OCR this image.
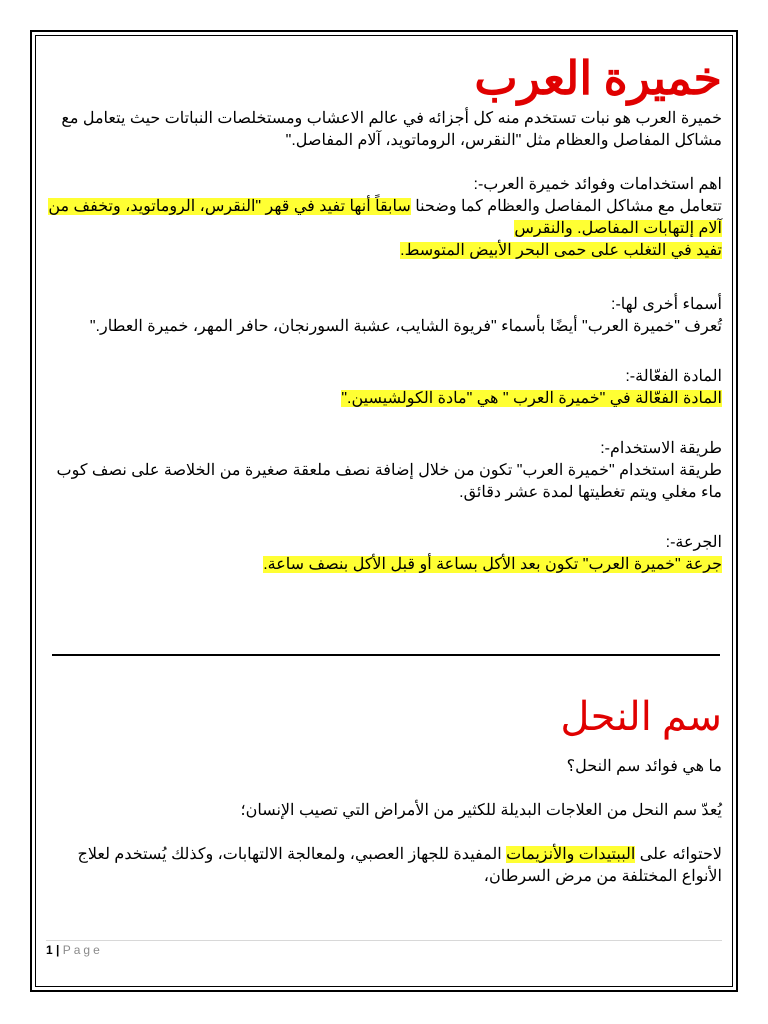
خميرة العرب

خميرة العرب هو نبات تستخدم منه كل أجزائه في عالم الاعشاب ومستخلصات النباتات حيث يتعامل مع مشاكل المفاصل والعظام مثل "النقرس، الروماتويد، آلام المفاصل."

اهم استخدامات وفوائد خميرة العرب-:

تتعامل مع مشاكل المفاصل والعظام كما وضحنا سابقاً أنها تفيد في قهر "النقرس، الروماتويد، وتخفف من آلام إلتهابات المفاصل. والنقرس

تفيد في التغلب على حمى البحر الأبيض المتوسط.

أسماء أخرى لها-:

تُعرف "خميرة العرب" أيضًا بأسماء "فريوة الشايب، عشبة السورنجان، حافر المهر، خميرة العطار."

المادة الفعّالة-:

المادة الفعّالة في "خميرة العرب " هي "مادة الكولشيسين."

طريقة الاستخدام-:

طريقة استخدام "خميرة العرب" تكون من خلال إضافة نصف ملعقة صغيرة من الخلاصة على نصف كوب ماء مغلي ويتم تغطيتها لمدة عشر دقائق.

الجرعة-:

جرعة "خميرة العرب" تكون بعد الأكل بساعة أو قبل الأكل بنصف ساعة.

سم النحل

ما هي فوائد سم النحل؟

يُعدّ سم النحل من العلاجات البديلة للكثير من الأمراض التي تصيب الإنسان؛

لاحتوائه على الببتيدات والأنزيمات المفيدة للجهاز العصبي، ولمعالجة الالتهابات، وكذلك يُستخدم لعلاج الأنواع المختلفة من مرض السرطان،

1 | Page
